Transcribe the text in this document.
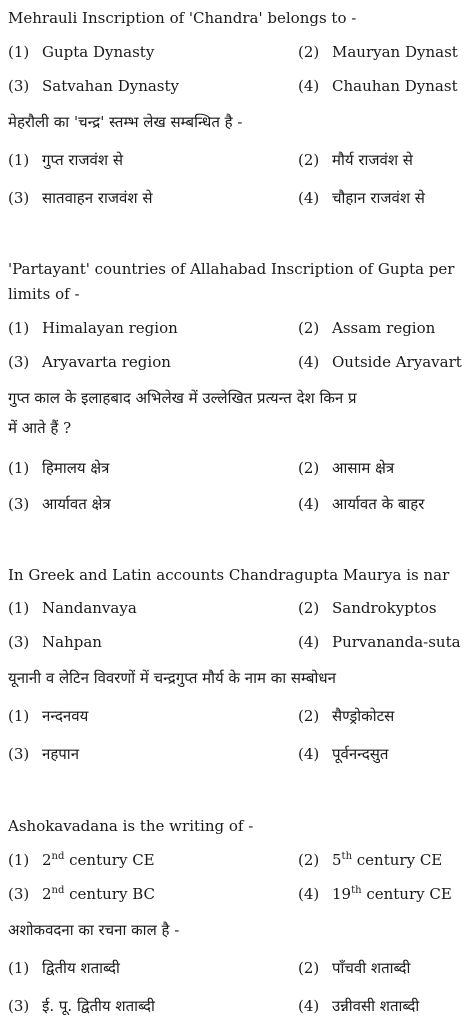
Mehrauli Inscription of 'Chandra' belongs to -
(1) Gupta Dynasty	(2) Mauryan Dynast
(3) Satvahan Dynasty	(4) Chauhan Dynast
मेहरौली का 'चन्द्र' स्तम्भ लेख सम्बन्धित है -
(1) गुप्त राजवंश से	(2) मौर्य राजवंश से
(3) सातवाहन राजवंश से	(4) चौहान राजवंश से
'Partayant' countries of Allahabad Inscription of Gupta per
limits of -
(1) Himalayan region	(2) Assam region
(3) Aryavarta region	(4) Outside Aryavart
गुप्त काल के इलाहबाद अभिलेख में उल्लेखित प्रत्यन्त देश किन प्र
में आते हैं ?
(1) हिमालय क्षेत्र	(2) आसाम क्षेत्र
(3) आर्यावत क्षेत्र	(4) आर्यावत के बाहर
In Greek and Latin accounts Chandragupta Maurya is nar
(1) Nandanvaya	(2) Sandrokyptos
(3) Nahpan	(4) Purvananda-suta
यूनानी व लेटिन विवरणों में चन्द्रगुप्त मौर्य के नाम का सम्बोधन
(1) नन्दनवय	(2) सैण्ड्रोकोटस
(3) नहपान	(4) पूर्वनन्दसुत
Ashokavadana is the writing of -
(1) 2nd century CE	(2) 5th century CE
(3) 2nd century BC	(4) 19th century CE
अशोकवदना का रचना काल है -
(1) द्वितीय शताब्दी	(2) पाँचवी शताब्दी
(3) ई. पू. द्वितीय शताब्दी	(4) उन्नीवसी शताब्दी
